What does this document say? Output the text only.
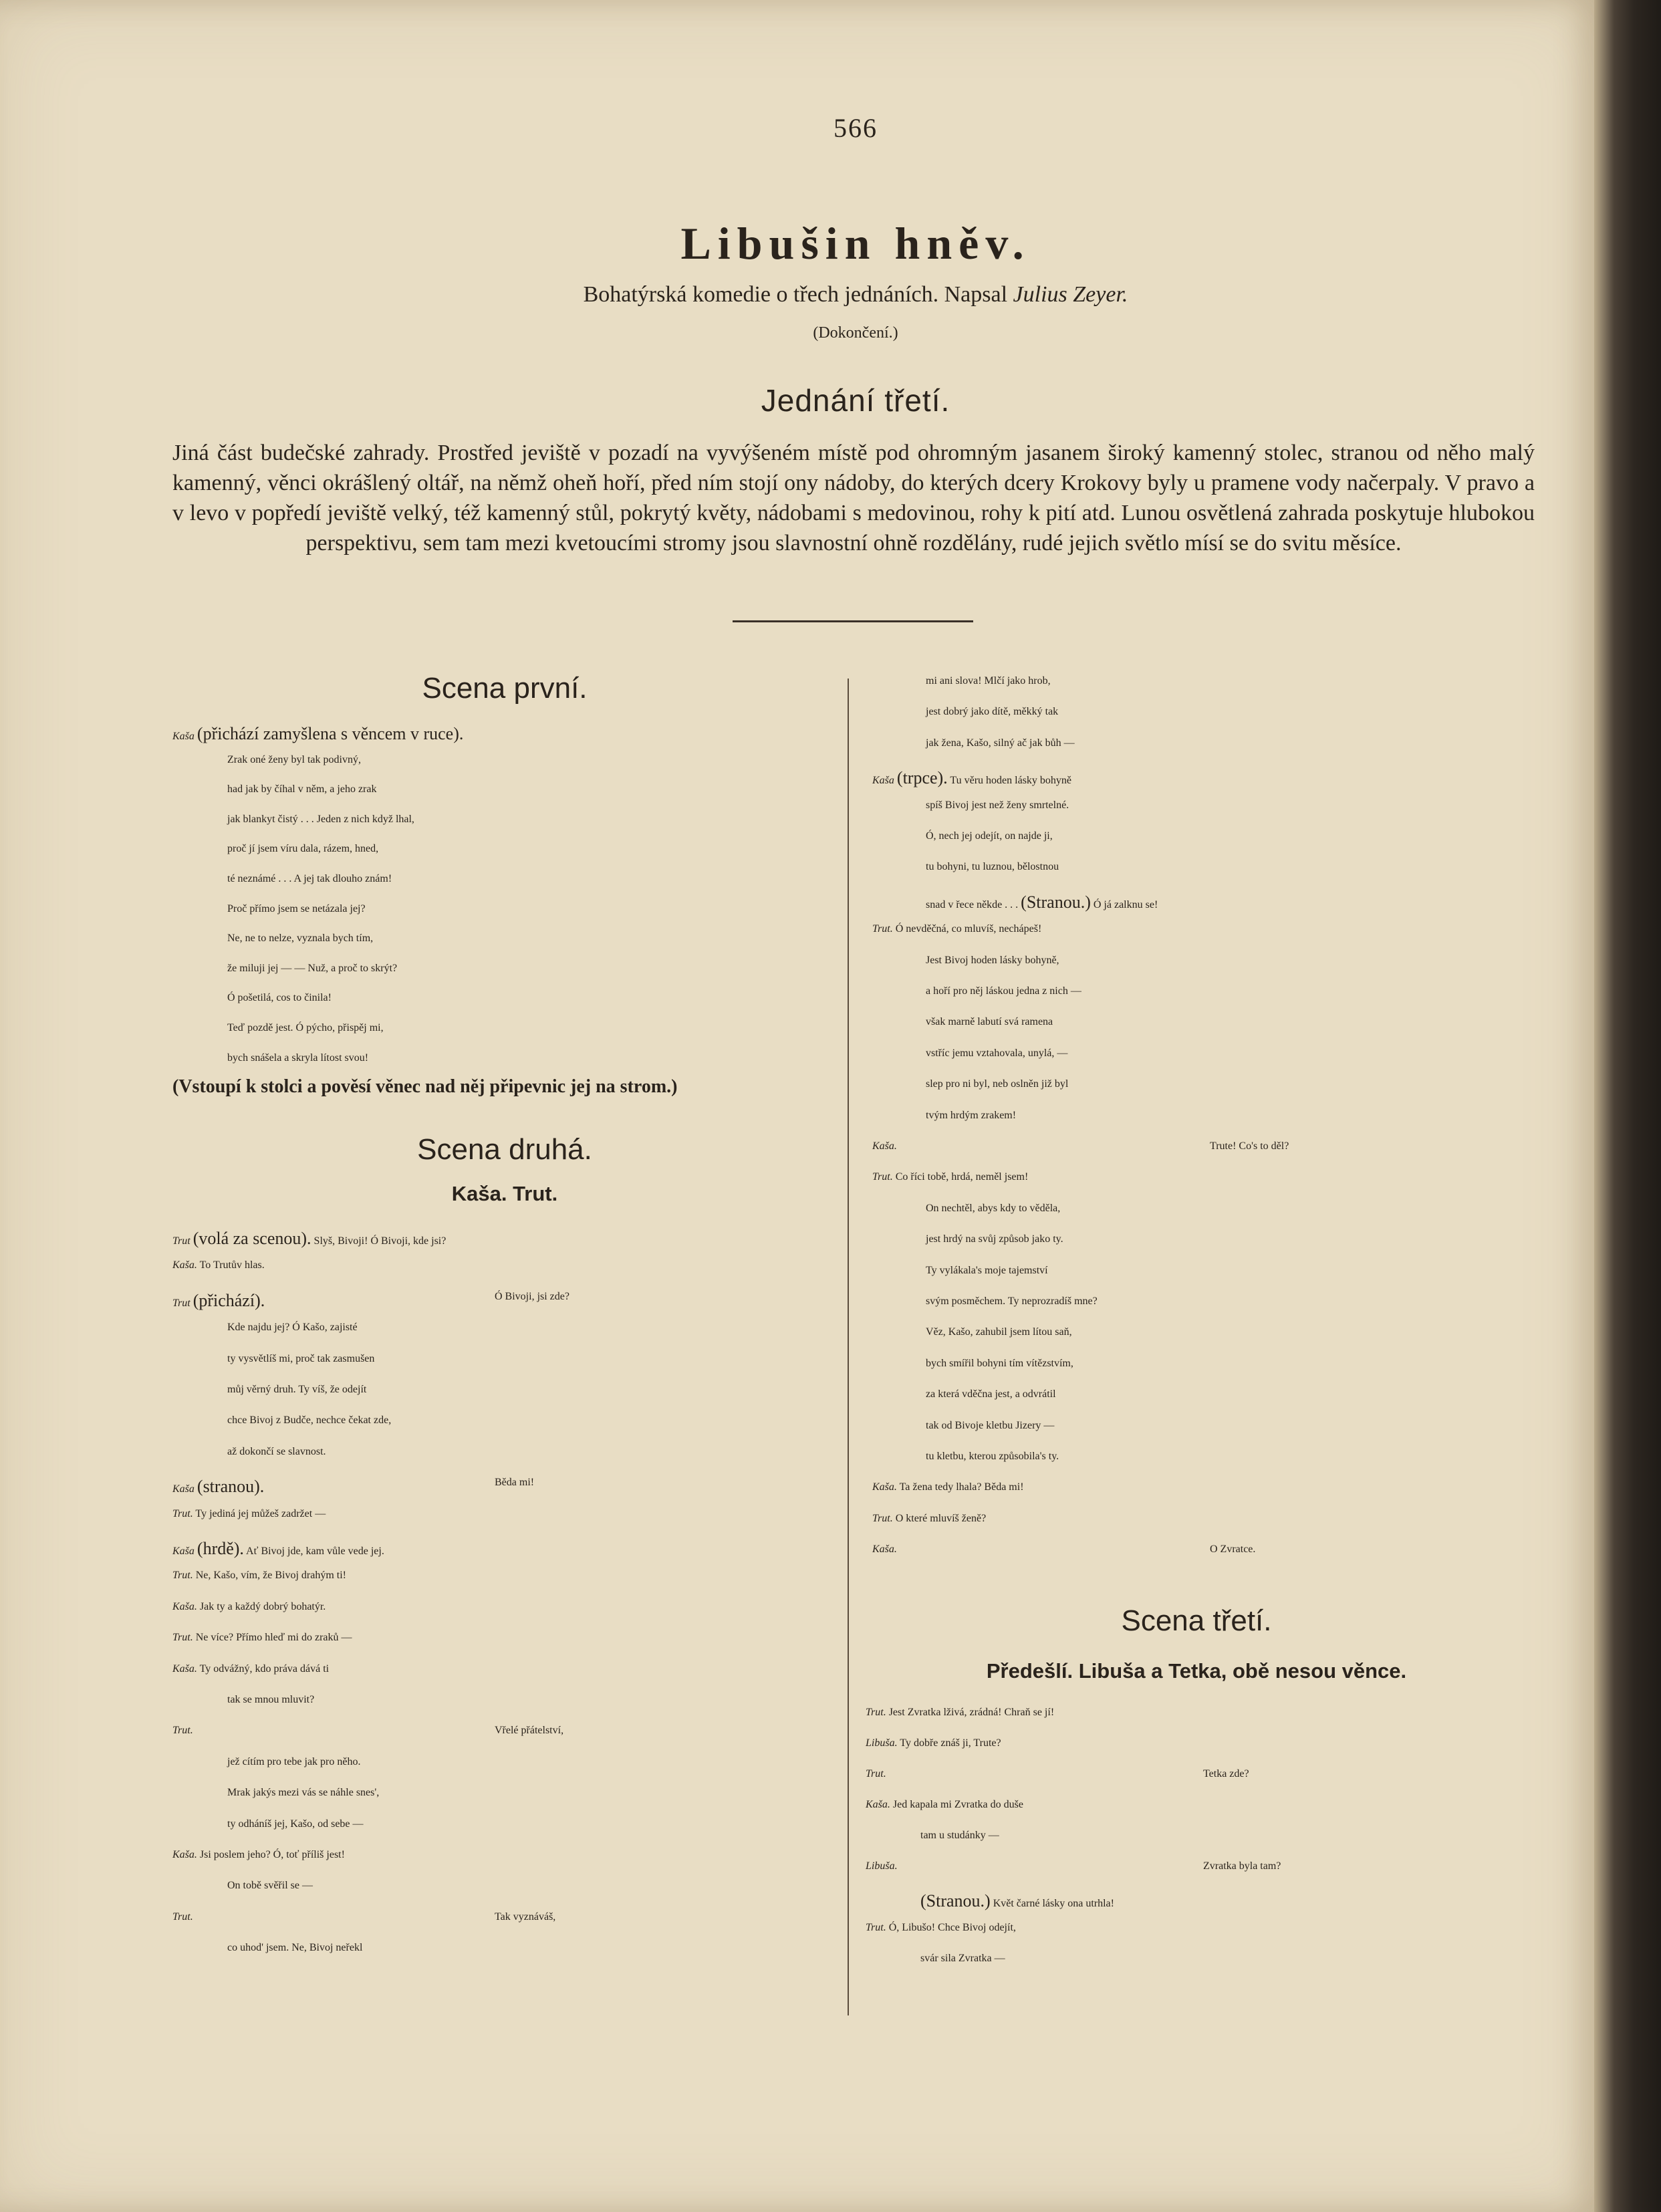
566
Libušin hněv.
Bohatýrská komedie o třech jednáních. Napsal Julius Zeyer.
(Dokončení.)
Jednání třetí.
Jiná část budečské zahrady. Prostřed jeviště v pozadí na vyvýšeném místě pod ohromným jasanem široký kamenný stolec, stranou od něho malý kamenný, věnci okrášlený oltář, na němž oheň hoří, před ním stojí ony nádoby, do kterých dcery Krokovy byly u pramene vody načerpaly. V pravo a v levo v popředí jeviště velký, též kamenný stůl, pokrytý květy, nádobami s medovinou, rohy k pití atd. Lunou osvětlená zahrada poskytuje hlubokou perspektivu, sem tam mezi kvetoucími stromy jsou slavnostní ohně rozdělány, rudé jejich světlo mísí se do svitu měsíce.
Scena první.
Kaša (přichází zamyšlena s věncem v ruce).
Zrak oné ženy byl tak podivný,
had jak by číhal v něm, a jeho zrak
jak blankyt čistý . . . Jeden z nich když lhal,
proč jí jsem víru dala, rázem, hned,
té neznámé . . . A jej tak dlouho znám!
Proč přímo jsem se netázala jej?
Ne, ne to nelze, vyznala bych tím,
že miluji jej — — Nuž, a proč to skrýt?
Ó pošetilá, cos to činila!
Teď pozdě jest. Ó pýcho, přispěj mi,
bych snášela a skryla lítost svou!
(Vstoupí k stolci a pověsí věnec nad něj připevnic jej na strom.)
Scena druhá.
Kaša. Trut.
Trut (volá za scenou). Slyš, Bivoji! Ó Bivoji, kde jsi?
Kaša. To Trutův hlas.
Trut (přichází).	Ó Bivoji, jsi zde?
Kde najdu jej? Ó Kašo, zajisté
ty vysvětlíš mi, proč tak zasmušen
můj věrný druh. Ty víš, že odejít
chce Bivoj z Budče, nechce čekat zde,
až dokončí se slavnost.
Kaša (stranou).	Běda mi!
Trut. Ty jediná jej můžeš zadržet —
Kaša (hrdě). Ať Bivoj jde, kam vůle vede jej.
Trut. Ne, Kašo, vím, že Bivoj drahým ti!
Kaša. Jak ty a každý dobrý bohatýr.
Trut. Ne více? Přímo hleď mi do zraků —
Kaša. Ty odvážný, kdo práva dává ti
tak se mnou mluvit?
Trut.	Vřelé přátelství,
jež cítím pro tebe jak pro něho.
Mrak jakýs mezi vás se náhle snes',
ty odháníš jej, Kašo, od sebe —
Kaša. Jsi poslem jeho? Ó, toť příliš jest!
On tobě svěřil se —
Trut.	Tak vyznáváš,
co uhod' jsem. Ne, Bivoj neřekl
mi ani slova! Mlčí jako hrob,
jest dobrý jako dítě, měkký tak
jak žena, Kašo, silný ač jak bůh —
Kaša (trpce). Tu věru hoden lásky bohyně
spíš Bivoj jest než ženy smrtelné.
Ó, nech jej odejít, on najde ji,
tu bohyni, tu luznou, bělostnou
snad v řece někde . . . (Stranou.) Ó já zalknu se!
Trut. Ó nevděčná, co mluvíš, nechápeš!
Jest Bivoj hoden lásky bohyně,
a hoří pro něj láskou jedna z nich —
však marně labutí svá ramena
vstříc jemu vztahovala, unylá, —
slep pro ni byl, neb oslněn již byl
tvým hrdým zrakem!
Kaša.	Trute! Co's to děl?
Trut. Co říci tobě, hrdá, neměl jsem!
On nechtěl, abys kdy to věděla,
jest hrdý na svůj způsob jako ty.
Ty vylákala's moje tajemství
svým posměchem. Ty neprozradíš mne?
Věz, Kašo, zahubil jsem lítou saň,
bych smířil bohyni tím vítězstvím,
za která vděčna jest, a odvrátil
tak od Bivoje kletbu Jizery —
tu kletbu, kterou způsobila's ty.
Kaša. Ta žena tedy lhala? Běda mi!
Trut. O které mluvíš ženě?
Kaša.	O Zvratce.
Scena třetí.
Předešlí. Libuša a Tetka, obě nesou věnce.
Trut. Jest Zvratka lživá, zrádná! Chraň se jí!
Libuša. Ty dobře znáš ji, Trute?
Trut.	Tetka zde?
Kaša. Jed kapala mi Zvratka do duše
tam u studánky —
Libuša.	Zvratka byla tam?
(Stranou.) Květ čarné lásky ona utrhla!
Trut. Ó, Libušo! Chce Bivoj odejít,
svár sila Zvratka —
